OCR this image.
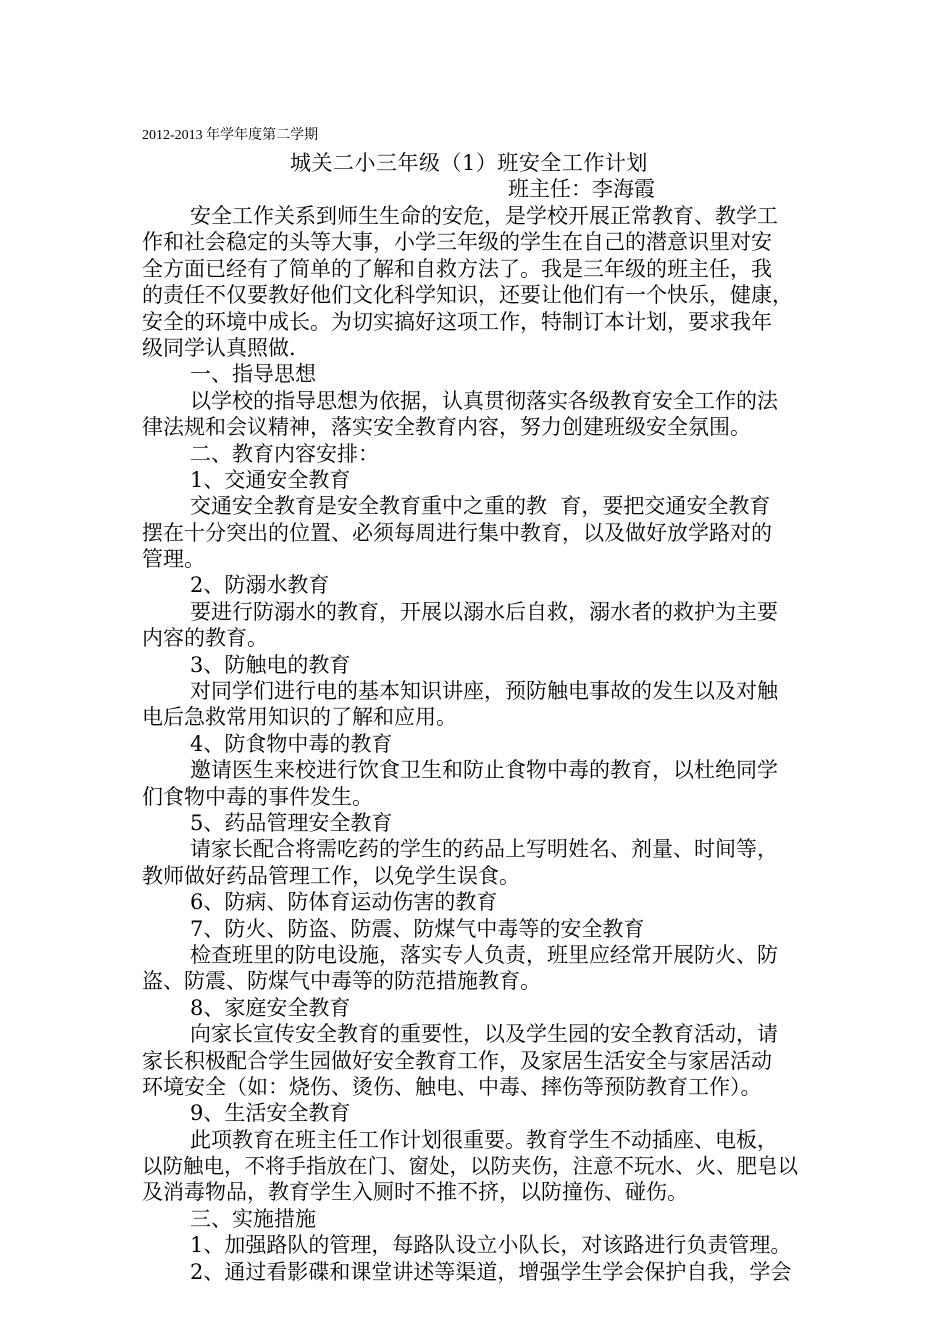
2012-2013 年学年度第二学期
城关二小三年级（1）班安全工作计划
班主任：李海霞
安全工作关系到师生生命的安危，是学校开展正常教育、教学工
作和社会稳定的头等大事，小学三年级的学生在自己的潜意识里对安
全方面已经有了简单的了解和自救方法了。我是三年级的班主任，我
的责任不仅要教好他们文化科学知识，还要让他们有一个快乐，健康，
安全的环境中成长。为切实搞好这项工作，特制订本计划，要求我年
级同学认真照做.
一、指导思想
以学校的指导思想为依据，认真贯彻落实各级教育安全工作的法
律法规和会议精神，落实安全教育内容，努力创建班级安全氛围。
二、教育内容安排：
1、交通安全教育
交通安全教育是安全教育重中之重的教  育，要把交通安全教育
摆在十分突出的位置、必须每周进行集中教育，以及做好放学路对的
管理。
2、防溺水教育
要进行防溺水的教育，开展以溺水后自救，溺水者的救护为主要
内容的教育。
3、防触电的教育
对同学们进行电的基本知识讲座，预防触电事故的发生以及对触
电后急救常用知识的了解和应用。
4、防食物中毒的教育
邀请医生来校进行饮食卫生和防止食物中毒的教育，以杜绝同学
们食物中毒的事件发生。
5、药品管理安全教育
请家长配合将需吃药的学生的药品上写明姓名、剂量、时间等，
教师做好药品管理工作，以免学生误食。
6、防病、防体育运动伤害的教育
7、防火、防盗、防震、防煤气中毒等的安全教育
检查班里的防电设施，落实专人负责，班里应经常开展防火、防
盗、防震、防煤气中毒等的防范措施教育。
8、家庭安全教育
向家长宣传安全教育的重要性，以及学生园的安全教育活动，请
家长积极配合学生园做好安全教育工作，及家居生活安全与家居活动
环境安全（如：烧伤、烫伤、触电、中毒、摔伤等预防教育工作）。
9、生活安全教育
此项教育在班主任工作计划很重要。教育学生不动插座、电板，
以防触电，不将手指放在门、窗处，以防夹伤，注意不玩水、火、肥皂以
及消毒物品，教育学生入厕时不推不挤，以防撞伤、碰伤。
三、实施措施
1、加强路队的管理，每路队设立小队长，对该路进行负责管理。
2、通过看影碟和课堂讲述等渠道，增强学生学会保护自我，学会
